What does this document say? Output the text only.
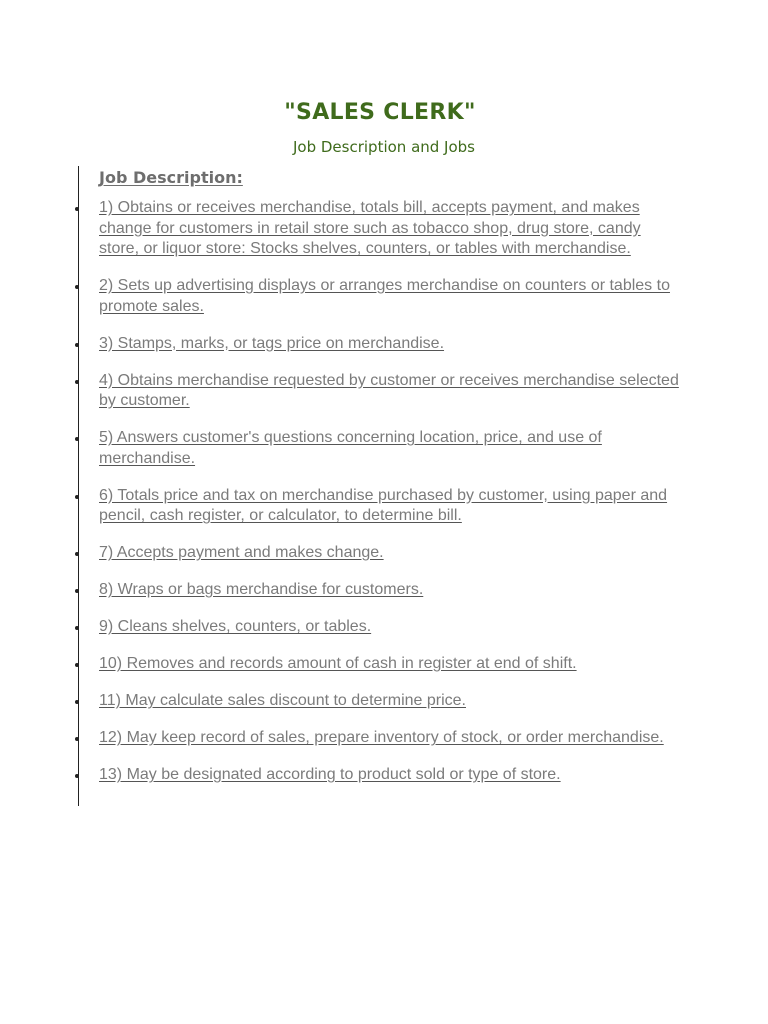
"SALES CLERK"
Job Description and Jobs
Job Description:
1) Obtains or receives merchandise, totals bill, accepts payment, and makes change for customers in retail store such as tobacco shop, drug store, candy store, or liquor store: Stocks shelves, counters, or tables with merchandise.
2) Sets up advertising displays or arranges merchandise on counters or tables to promote sales.
3) Stamps, marks, or tags price on merchandise.
4) Obtains merchandise requested by customer or receives merchandise selected by customer.
5) Answers customer's questions concerning location, price, and use of merchandise.
6) Totals price and tax on merchandise purchased by customer, using paper and pencil, cash register, or calculator, to determine bill.
7) Accepts payment and makes change.
8) Wraps or bags merchandise for customers.
9) Cleans shelves, counters, or tables.
10) Removes and records amount of cash in register at end of shift.
11) May calculate sales discount to determine price.
12) May keep record of sales, prepare inventory of stock, or order merchandise.
13) May be designated according to product sold or type of store.
